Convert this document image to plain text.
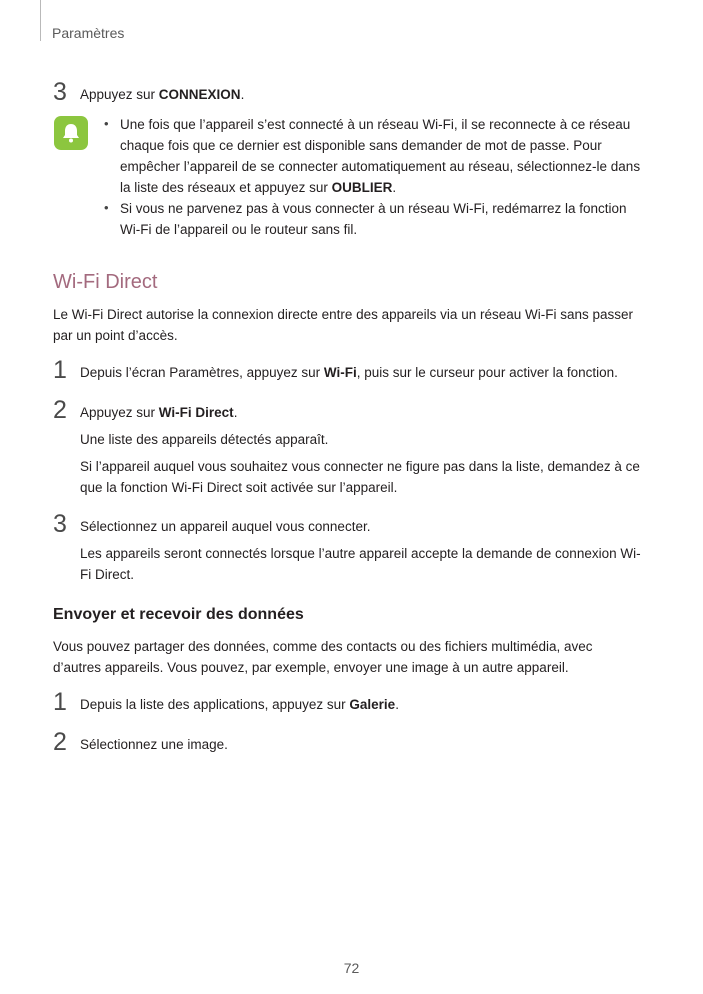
Paramètres
3 Appuyez sur CONNEXION.
• Une fois que l’appareil s’est connecté à un réseau Wi-Fi, il se reconnecte à ce réseau chaque fois que ce dernier est disponible sans demander de mot de passe. Pour empêcher l’appareil de se connecter automatiquement au réseau, sélectionnez-le dans la liste des réseaux et appuyez sur OUBLIER.
• Si vous ne parvenez pas à vous connecter à un réseau Wi-Fi, redémarrez la fonction Wi-Fi de l’appareil ou le routeur sans fil.
Wi-Fi Direct
Le Wi-Fi Direct autorise la connexion directe entre des appareils via un réseau Wi-Fi sans passer par un point d’accès.
1 Depuis l’écran Paramètres, appuyez sur Wi-Fi, puis sur le curseur pour activer la fonction.
2 Appuyez sur Wi-Fi Direct.
Une liste des appareils détectés apparaît.
Si l’appareil auquel vous souhaitez vous connecter ne figure pas dans la liste, demandez à ce que la fonction Wi-Fi Direct soit activée sur l’appareil.
3 Sélectionnez un appareil auquel vous connecter.
Les appareils seront connectés lorsque l’autre appareil accepte la demande de connexion Wi-Fi Direct.
Envoyer et recevoir des données
Vous pouvez partager des données, comme des contacts ou des fichiers multimédia, avec d’autres appareils. Vous pouvez, par exemple, envoyer une image à un autre appareil.
1 Depuis la liste des applications, appuyez sur Galerie.
2 Sélectionnez une image.
72
